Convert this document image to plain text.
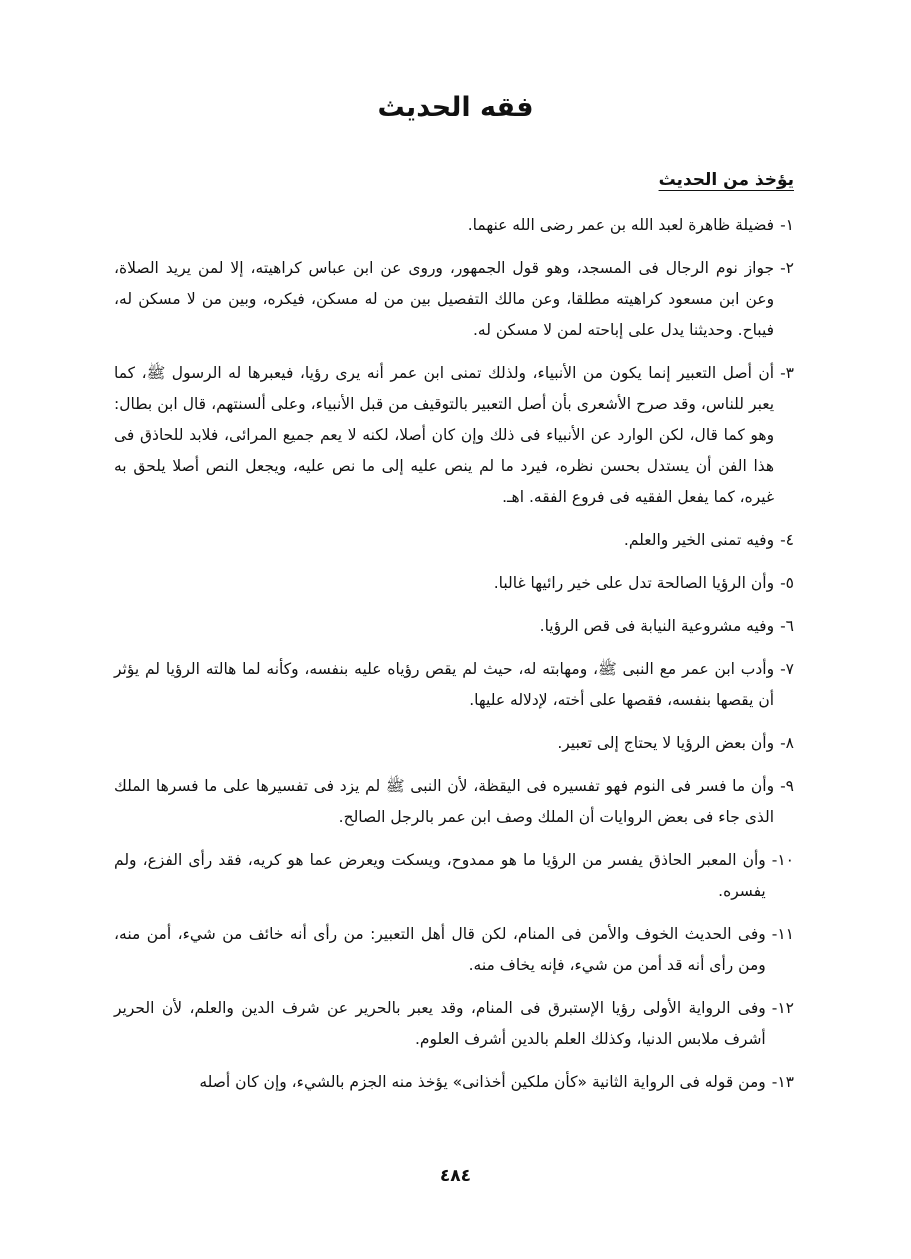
فقه الحديث
يؤخذ من الحديث
١-
فضيلة ظاهرة لعبد الله بن عمر رضى الله عنهما.
٢-
جواز نوم الرجال فى المسجد، وهو قول الجمهور، وروى عن ابن عباس كراهيته، إلا لمن يريد الصلاة، وعن ابن مسعود كراهيته مطلقا، وعن مالك التفصيل بين من له مسكن، فيكره، وبين من لا مسكن له، فيباح. وحديثنا يدل على إباحته لمن لا مسكن له.
٣-
أن أصل التعبير إنما يكون من الأنبياء، ولذلك تمنى ابن عمر أنه يرى رؤيا، فيعبرها له الرسول ﷺ، كما يعبر للناس، وقد صرح الأشعرى بأن أصل التعبير بالتوقيف من قبل الأنبياء، وعلى ألسنتهم، قال ابن بطال: وهو كما قال، لكن الوارد عن الأنبياء فى ذلك وإن كان أصلا، لكنه لا يعم جميع المرائى، فلابد للحاذق فى هذا الفن أن يستدل بحسن نظره، فيرد ما لم ينص عليه إلى ما نص عليه، ويجعل النص أصلا يلحق به غيره، كما يفعل الفقيه فى فروع الفقه. اهـ.
٤-
وفيه تمنى الخير والعلم.
٥-
وأن الرؤيا الصالحة تدل على خير رائيها غالبا.
٦-
وفيه مشروعية النيابة فى قص الرؤيا.
٧-
وأدب ابن عمر مع النبى ﷺ، ومهابته له، حيث لم يقص رؤياه عليه بنفسه، وكأنه لما هالته الرؤيا لم يؤثر أن يقصها بنفسه، فقصها على أخته، لإدلاله عليها.
٨-
وأن بعض الرؤيا لا يحتاج إلى تعبير.
٩-
وأن ما فسر فى النوم فهو تفسيره فى اليقظة، لأن النبى ﷺ لم يزد فى تفسيرها على ما فسرها الملك الذى جاء فى بعض الروايات أن الملك وصف ابن عمر بالرجل الصالح.
١٠-
وأن المعبر الحاذق يفسر من الرؤيا ما هو ممدوح، ويسكت ويعرض عما هو كريه، فقد رأى الفزع، ولم يفسره.
١١-
وفى الحديث الخوف والأمن فى المنام، لكن قال أهل التعبير: من رأى أنه خائف من شيء، أمن منه، ومن رأى أنه قد أمن من شيء، فإنه يخاف منه.
١٢-
وفى الرواية الأولى رؤيا الإستبرق فى المنام، وقد يعبر بالحرير عن شرف الدين والعلم، لأن الحرير أشرف ملابس الدنيا، وكذلك العلم بالدين أشرف العلوم.
١٣-
ومن قوله فى الرواية الثانية «كأن ملكين أخذانى» يؤخذ منه الجزم بالشيء، وإن كان أصله
٤٨٤
